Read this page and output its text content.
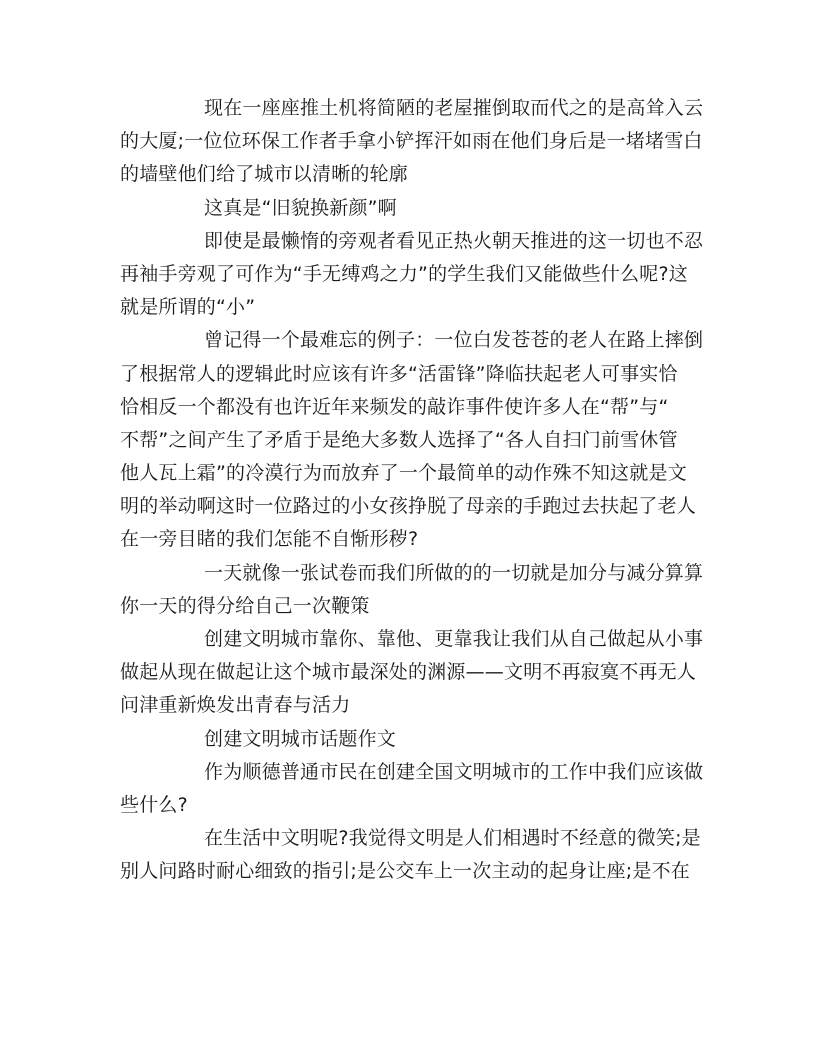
现在一座座推土机将简陋的老屋摧倒取而代之的是高耸入云
的大厦;一位位环保工作者手拿小铲挥汗如雨在他们身后是一堵堵雪白
的墙壁他们给了城市以清晰的轮廓
这真是“旧貌换新颜”啊
即使是最懒惰的旁观者看见正热火朝天推进的这一切也不忍
再袖手旁观了可作为“手无缚鸡之力”的学生我们又能做些什么呢?这
就是所谓的“小”
曾记得一个最难忘的例子：一位白发苍苍的老人在路上摔倒
了根据常人的逻辑此时应该有许多“活雷锋”降临扶起老人可事实恰
恰相反一个都没有也许近年来频发的敲诈事件使许多人在“帮”与“
不帮”之间产生了矛盾于是绝大多数人选择了“各人自扫门前雪休管
他人瓦上霜”的冷漠行为而放弃了一个最简单的动作殊不知这就是文
明的举动啊这时一位路过的小女孩挣脱了母亲的手跑过去扶起了老人
在一旁目睹的我们怎能不自惭形秽?
一天就像一张试卷而我们所做的的一切就是加分与减分算算
你一天的得分给自己一次鞭策
创建文明城市靠你、靠他、更靠我让我们从自己做起从小事
做起从现在做起让这个城市最深处的渊源——文明不再寂寞不再无人
问津重新焕发出青春与活力
创建文明城市话题作文
作为顺德普通市民在创建全国文明城市的工作中我们应该做
些什么?
在生活中文明呢?我觉得文明是人们相遇时不经意的微笑;是
别人问路时耐心细致的指引;是公交车上一次主动的起身让座;是不在
